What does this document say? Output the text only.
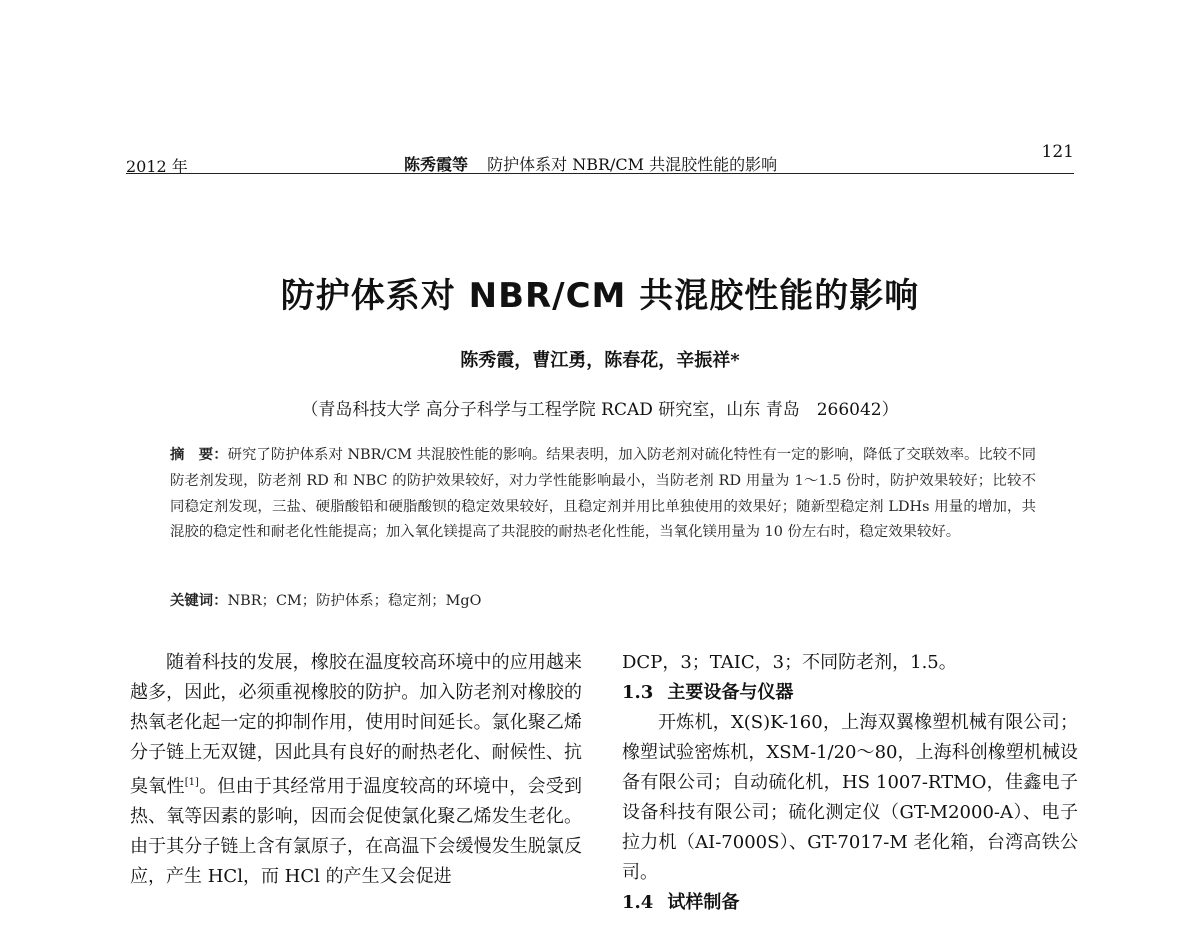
2012 年	陈秀霞等 防护体系对 NBR/CM 共混胶性能的影响
121
防护体系对 NBR/CM 共混胶性能的影响
陈秀霞，曹江勇，陈春花，辛振祥*
（青岛科技大学 高分子科学与工程学院 RCAD 研究室，山东 青岛　266042）
摘　要：研究了防护体系对 NBR/CM 共混胶性能的影响。结果表明，加入防老剂对硫化特性有一定的影响，降低了交联效率。比较不同防老剂发现，防老剂 RD 和 NBC 的防护效果较好，对力学性能影响最小，当防老剂 RD 用量为 1～1.5 份时，防护效果较好；比较不同稳定剂发现，三盐、硬脂酸铅和硬脂酸钡的稳定效果较好，且稳定剂并用比单独使用的效果好；随新型稳定剂 LDHs 用量的增加，共混胶的稳定性和耐老化性能提高；加入氧化镁提高了共混胶的耐热老化性能，当氧化镁用量为 10 份左右时，稳定效果较好。
关键词：NBR；CM；防护体系；稳定剂；MgO

随着科技的发展，橡胶在温度较高环境中的应用越来越多，因此，必须重视橡胶的防护。加入防老剂对橡胶的热氧老化起一定的抑制作用，使用时间延长。氯化聚乙烯分子链上无双键，因此具有良好的耐热老化、耐候性、抗臭氧性[1]。但由于其经常用于温度较高的环境中，会受到热、氧等因素的影响，因而会促使氯化聚乙烯发生老化。由于其分子链上含有氯原子，在高温下会缓慢发生脱氯反应，产生 HCl，而 HCl 的产生又会促进

DCP，3；TAIC，3；不同防老剂，1.5。

1.3 主要设备与仪器

开炼机，X(S)K-160，上海双翼橡塑机械有限公司；橡塑试验密炼机，XSM-1/20～80，上海科创橡塑机械设备有限公司；自动硫化机，HS 1007-RTMO，佳鑫电子设备科技有限公司；硫化测定仪（GT-M2000-A）、电子拉力机（AI-7000S）、GT-7017-M 老化箱，台湾高铁公司。

1.4 试样制备
